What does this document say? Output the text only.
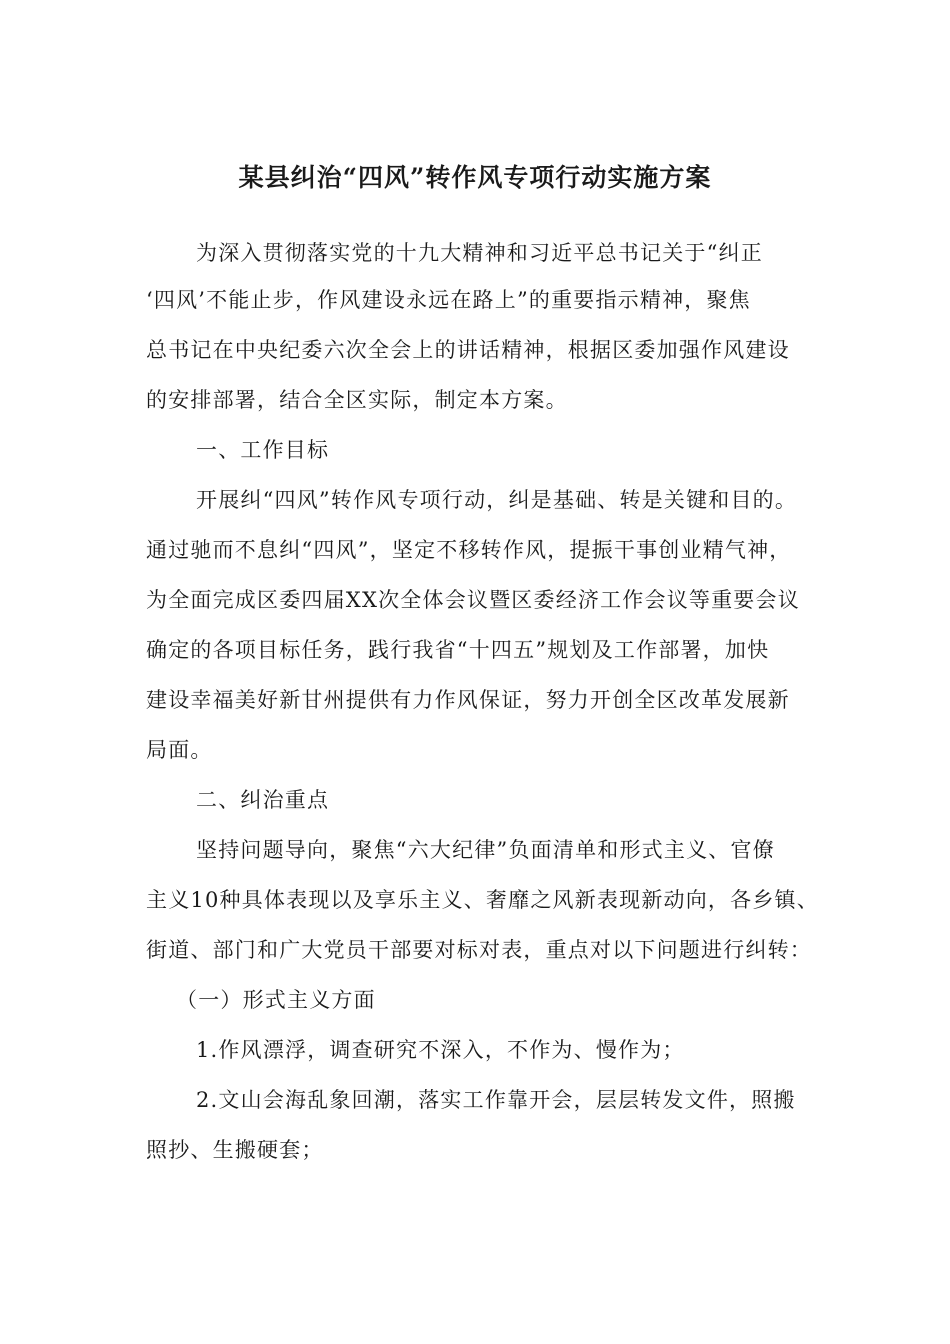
某县纠治“四风”转作风专项行动实施方案
为深入贯彻落实党的十九大精神和习近平总书记关于“纠正
‘四风’不能止步，作风建设永远在路上”的重要指示精神，聚焦
总书记在中央纪委六次全会上的讲话精神，根据区委加强作风建设
的安排部署，结合全区实际，制定本方案。
一、工作目标
开展纠“四风”转作风专项行动，纠是基础、转是关键和目的。
通过驰而不息纠“四风”，坚定不移转作风，提振干事创业精气神，
为全面完成区委四届XX次全体会议暨区委经济工作会议等重要会议
确定的各项目标任务，践行我省“十四五”规划及工作部署，加快
建设幸福美好新甘州提供有力作风保证，努力开创全区改革发展新
局面。
二、纠治重点
坚持问题导向，聚焦“六大纪律”负面清单和形式主义、官僚
主义10种具体表现以及享乐主义、奢靡之风新表现新动向，各乡镇、
街道、部门和广大党员干部要对标对表，重点对以下问题进行纠转：
（一）形式主义方面
1.作风漂浮，调查研究不深入，不作为、慢作为；
2.文山会海乱象回潮，落实工作靠开会，层层转发文件，照搬
照抄、生搬硬套；
